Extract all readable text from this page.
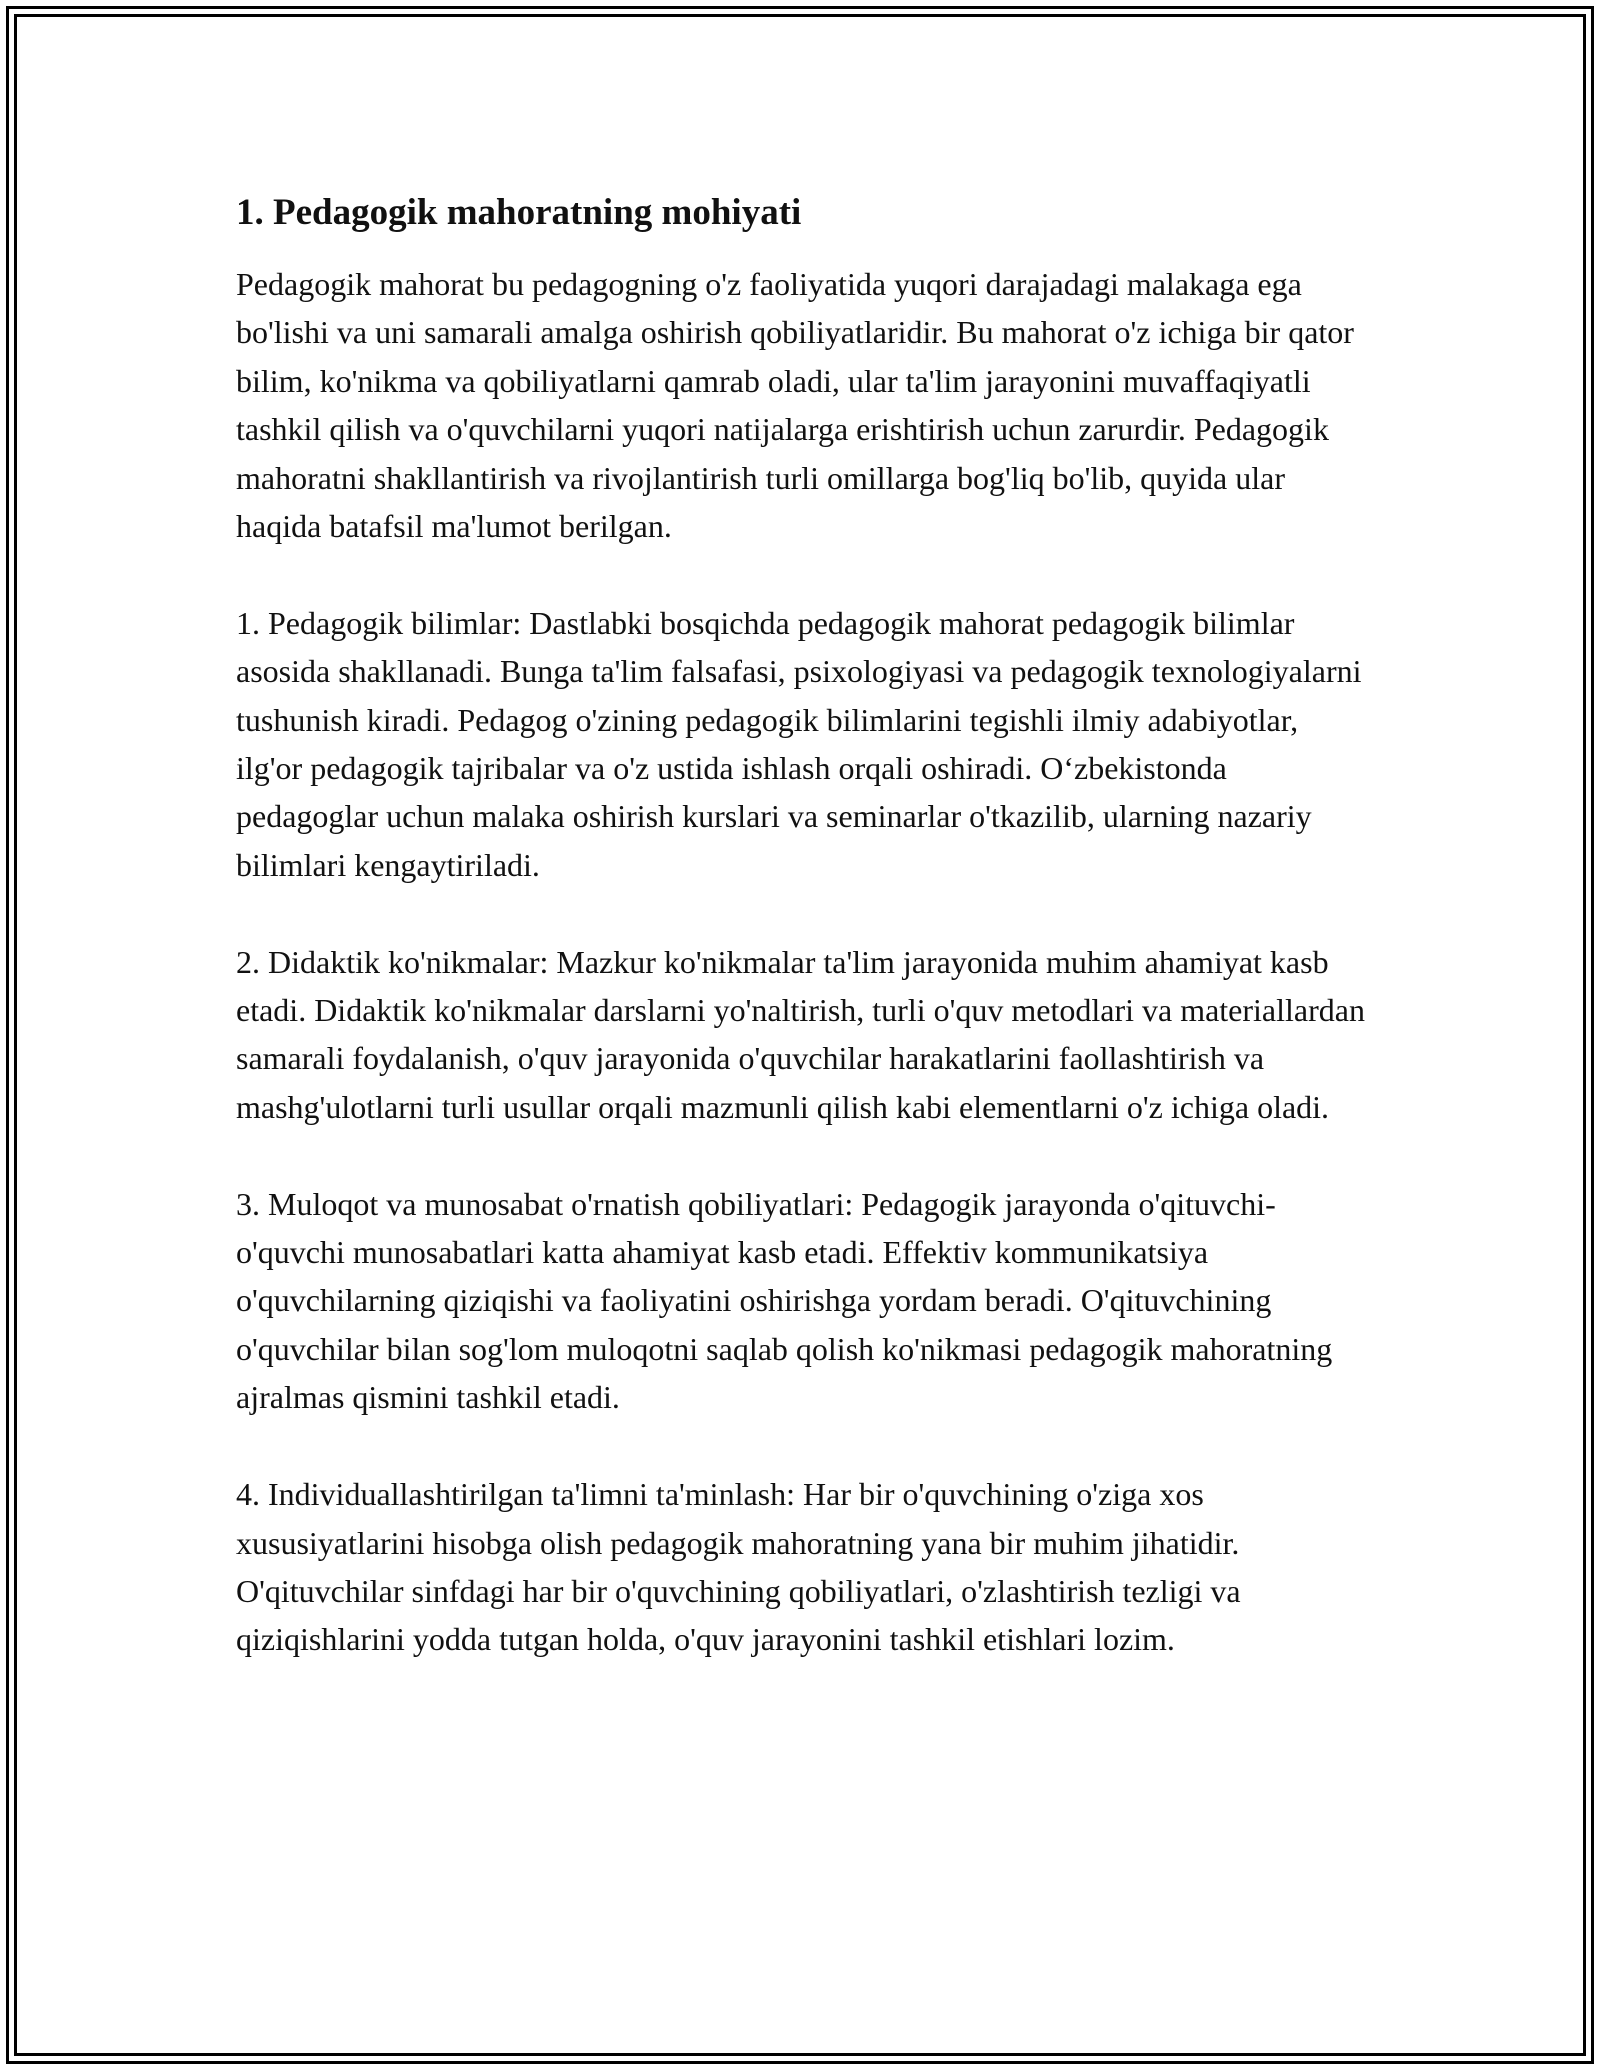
1. Pedagogik mahoratning mohiyati

Pedagogik mahorat bu pedagogning o'z faoliyatida yuqori darajadagi malakaga ega bo'lishi va uni samarali amalga oshirish qobiliyatlaridir. Bu mahorat o'z ichiga bir qator bilim, ko'nikma va qobiliyatlarni qamrab oladi, ular ta'lim jarayonini muvaffaqiyatli tashkil qilish va o'quvchilarni yuqori natijalarga erishtirish uchun zarurdir. Pedagogik mahoratni shakllantirish va rivojlantirish turli omillarga bog'liq bo'lib, quyida ular haqida batafsil ma'lumot berilgan.

1. Pedagogik bilimlar: Dastlabki bosqichda pedagogik mahorat pedagogik bilimlar asosida shakllanadi. Bunga ta'lim falsafasi, psixologiyasi va pedagogik texnologiyalarni tushunish kiradi. Pedagog o'zining pedagogik bilimlarini tegishli ilmiy adabiyotlar, ilg'or pedagogik tajribalar va o'z ustida ishlash orqali oshiradi. O‘zbekistonda pedagoglar uchun malaka oshirish kurslari va seminarlar o'tkazilib, ularning nazariy bilimlari kengaytiriladi.

2. Didaktik ko'nikmalar: Mazkur ko'nikmalar ta'lim jarayonida muhim ahamiyat kasb etadi. Didaktik ko'nikmalar darslarni yo'naltirish, turli o'quv metodlari va materiallardan samarali foydalanish, o'quv jarayonida o'quvchilar harakatlarini faollashtirish va mashg'ulotlarni turli usullar orqali mazmunli qilish kabi elementlarni o'z ichiga oladi.

3. Muloqot va munosabat o'rnatish qobiliyatlari: Pedagogik jarayonda o'qituvchi-o'quvchi munosabatlari katta ahamiyat kasb etadi. Effektiv kommunikatsiya o'quvchilarning qiziqishi va faoliyatini oshirishga yordam beradi. O'qituvchining o'quvchilar bilan sog'lom muloqotni saqlab qolish ko'nikmasi pedagogik mahoratning ajralmas qismini tashkil etadi.

4. Individuallashtirilgan ta'limni ta'minlash: Har bir o'quvchining o'ziga xos xususiyatlarini hisobga olish pedagogik mahoratning yana bir muhim jihatidir. O'qituvchilar sinfdagi har bir o'quvchining qobiliyatlari, o'zlashtirish tezligi va qiziqishlarini yodda tutgan holda, o'quv jarayonini tashkil etishlari lozim.
